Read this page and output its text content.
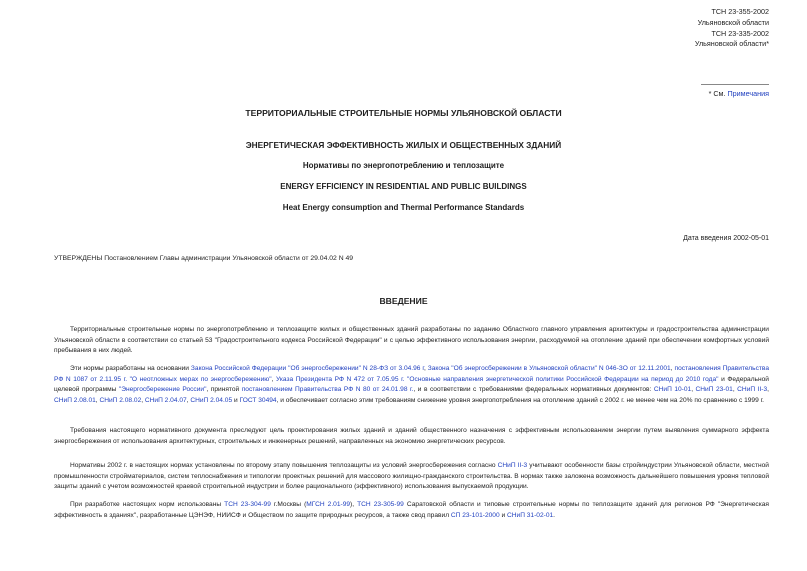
ТСН 23-355-2002
Ульяновской области
ТСН 23-335-2002
Ульяновской области*
* См. Примечания
ТЕРРИТОРИАЛЬНЫЕ СТРОИТЕЛЬНЫЕ НОРМЫ УЛЬЯНОВСКОЙ ОБЛАСТИ
ЭНЕРГЕТИЧЕСКАЯ ЭФФЕКТИВНОСТЬ ЖИЛЫХ И ОБЩЕСТВЕННЫХ ЗДАНИЙ
Нормативы по энергопотреблению и теплозащите
ENERGY EFFICIENCY IN RESIDENTIAL AND PUBLIC BUILDINGS
Heat Energy consumption and Thermal Performance Standards
Дата введения 2002-05-01
УТВЕРЖДЕНЫ Постановлением Главы администрации Ульяновской области от 29.04.02 N 49
ВВЕДЕНИЕ
Территориальные строительные нормы по энергопотреблению и теплозащите жилых и общественных зданий разработаны по заданию Областного главного управления архитектуры и градостроительства администрации Ульяновской области в соответствии со статьей 53 "Градостроительного кодекса Российской Федерации" и с целью эффективного использования энергии, расходуемой на отопление зданий при обеспечении комфортных условий пребывания в них людей.
Эти нормы разработаны на основании Закона Российской Федерации "Об энергосбережении" N 28-ФЗ от 3.04.96 г, Закона "Об энергосбережении в Ульяновской области" N 046-ЗО от 12.11.2001, постановления Правительства РФ N 1087 от 2.11.95 г. "О неотложных мерах по энергосбережению", Указа Президента РФ N 472 от 7.05.95 г. "Основные направления энергетической политики Российской Федерации на период до 2010 года" и Федеральной целевой программы "Энергосбережение России", принятой постановлением Правительства РФ N 80 от 24.01.98 г., и в соответствии с требованиями федеральных нормативных документов: СНиП 10-01, СНиП 23-01, СНиП II-3, СНиП 2.08.01, СНиП 2.08.02, СНиП 2.04.07, СНиП 2.04.05 и ГОСТ 30494, и обеспечивает согласно этим требованиям снижение уровня энергопотребления на отопление зданий с 2002 г. не менее чем на 20% по сравнению с 1999 г.
Требования настоящего нормативного документа преследуют цель проектирования жилых зданий и зданий общественного назначения с эффективным использованием энергии путем выявления суммарного эффекта энергосбережения от использования архитектурных, строительных и инженерных решений, направленных на экономию энергетических ресурсов.
Нормативы 2002 г. в настоящих нормах установлены по второму этапу повышения теплозащиты из условий энергосбережения согласно СНиП II-3 учитывают особенности базы стройиндустрии Ульяновской области, местной промышленности стройматериалов, систем теплоснабжения и типологии проектных решений для массового жилищно-гражданского строительства. В нормах также заложена возможность дальнейшего повышения уровня тепловой защиты зданий с учетом возможностей краевой строительной индустрии и более рационального (эффективного) использования выпускаемой продукции.
При разработке настоящих норм использованы ТСН 23-304-99 г.Москвы (МГСН 2.01-99), ТСН 23-305-99 Саратовской области и типовые строительные нормы по теплозащите зданий для регионов РФ "Энергетическая эффективность в зданиях", разработанные ЦЭНЭФ, НИИСФ и Обществом по защите природных ресурсов, а также свод правил СП 23-101-2000 и СНиП 31-02-01.
